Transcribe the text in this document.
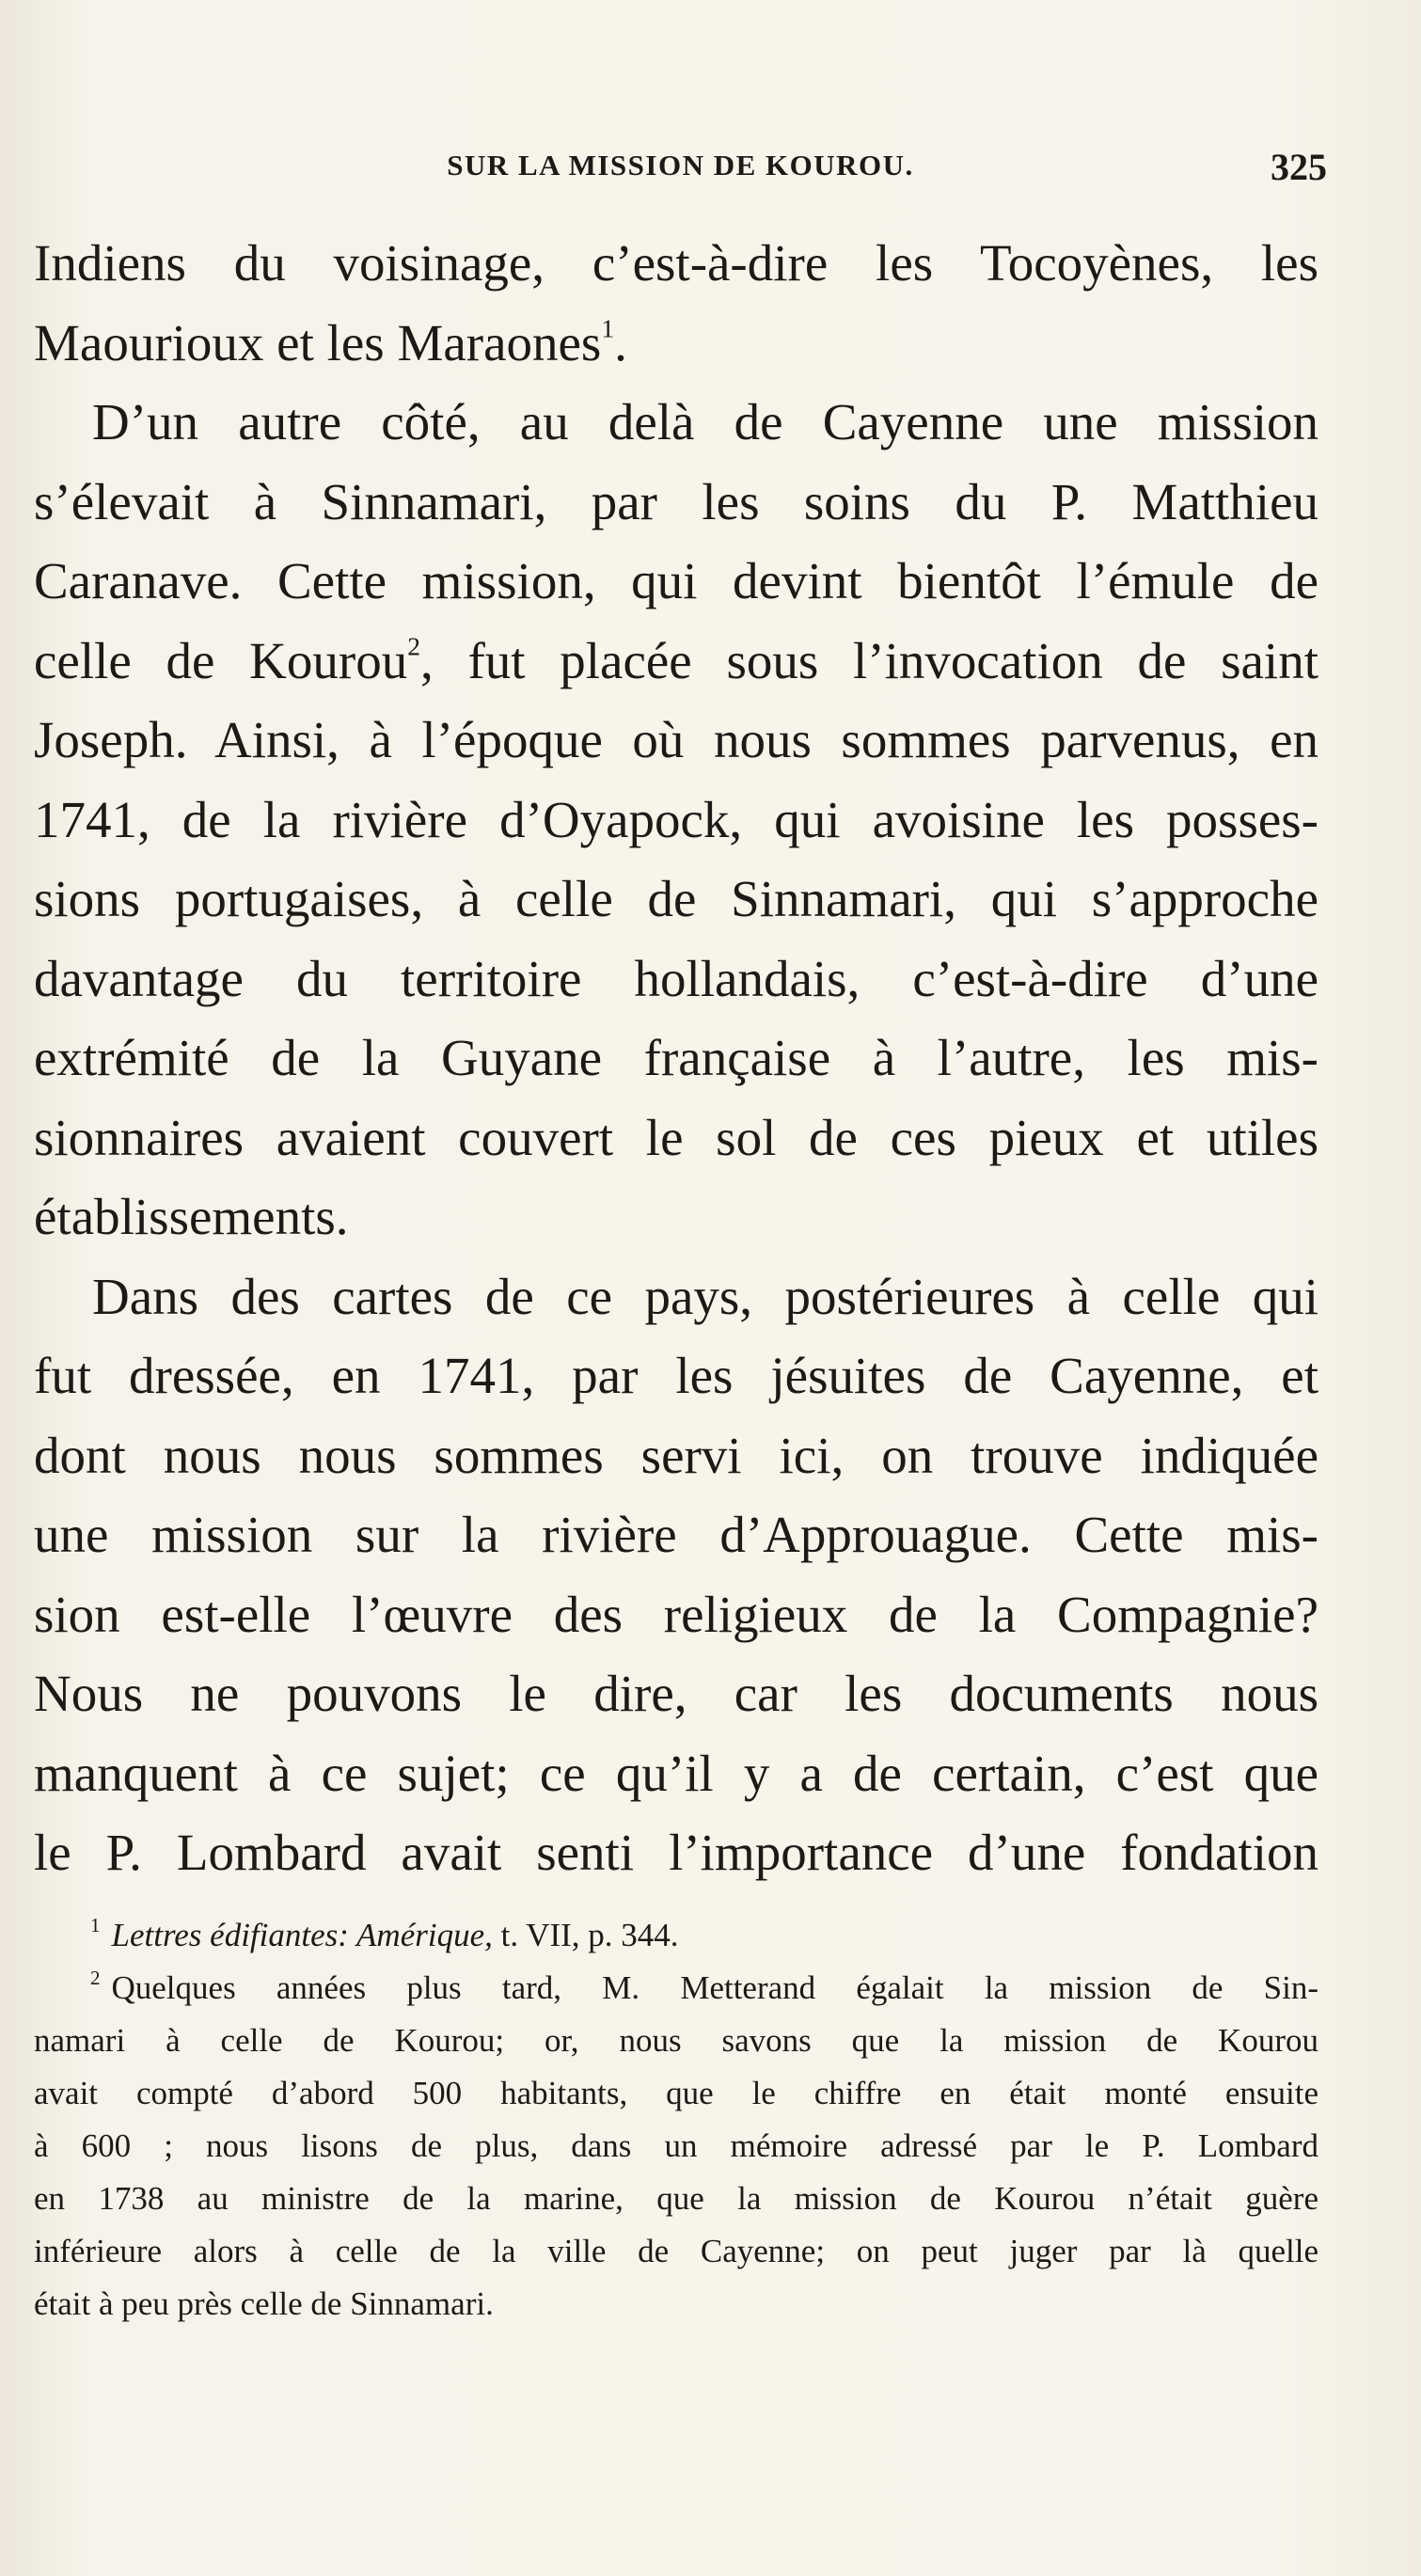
SUR LA MISSION DE KOUROU.	325
Indiens du voisinage, c’est-à-dire les Tocoyènes, les
Maourioux et les Maraones$^1$.
D’un autre côté, au delà de Cayenne une mission
s’élevait à Sinnamari, par les soins du P. Matthieu
Caranave. Cette mission, qui devint bientôt l’émule de
celle de Kourou$^2$, fut placée sous l’invocation de saint
Joseph. Ainsi, à l’époque où nous sommes parvenus, en
1741, de la rivière d’Oyapock, qui avoisine les posses-
sions portugaises, à celle de Sinnamari, qui s’approche
davantage du territoire hollandais, c’est-à-dire d’une
extrémité de la Guyane française à l’autre, les mis-
sionnaires avaient couvert le sol de ces pieux et utiles
établissements.
Dans des cartes de ce pays, postérieures à celle qui
fut dressée, en 1741, par les jésuites de Cayenne, et
dont nous nous sommes servi ici, on trouve indiquée
une mission sur la rivière d’Approuague. Cette mis-
sion est-elle l’œuvre des religieux de la Compagnie?
Nous ne pouvons le dire, car les documents nous
manquent à ce sujet; ce qu’il y a de certain, c’est que
le P. Lombard avait senti l’importance d’une fondation
$^1$ Lettres édifiantes: Amérique, t. VII, p. 344.
$^2$ Quelques années plus tard, M. Metterand égalait la mission de Sin-
namari à celle de Kourou; or, nous savons que la mission de Kourou
avait compté d’abord 500 habitants, que le chiffre en était monté ensuite
à 600 ; nous lisons de plus, dans un mémoire adressé par le P. Lombard
en 1738 au ministre de la marine, que la mission de Kourou n’était guère
inférieure alors à celle de la ville de Cayenne; on peut juger par là quelle
était à peu près celle de Sinnamari.
